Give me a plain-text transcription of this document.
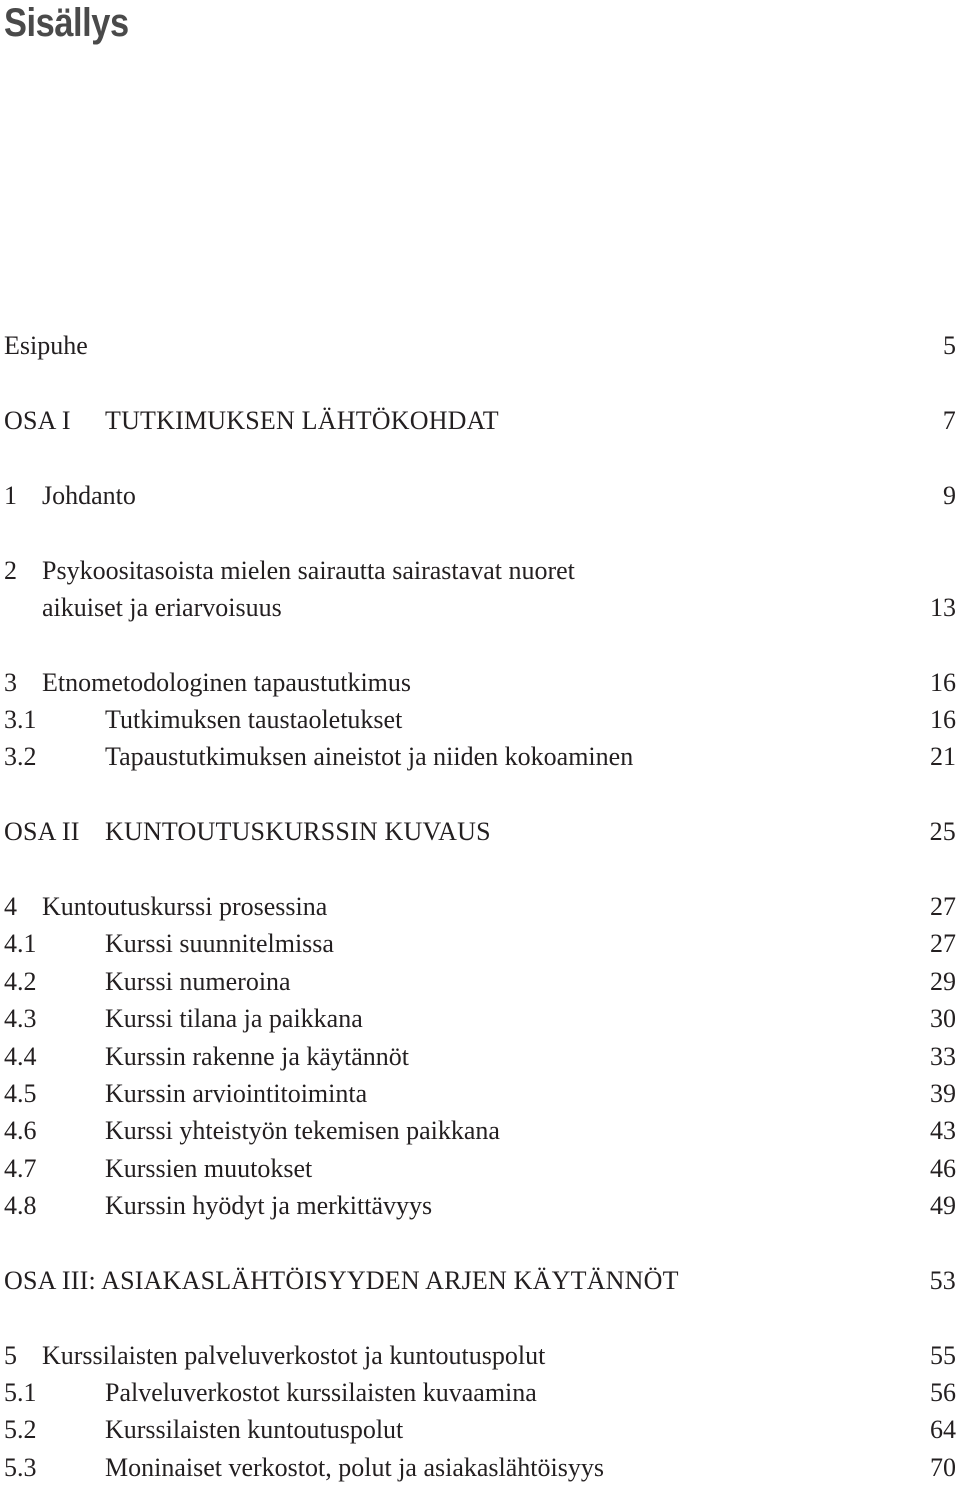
Sisällys
Esipuhe	5
OSA I TUTKIMUKSEN LÄHTÖKOHDAT	7
1 Johdanto	9
2 Psykoositasoista mielen sairautta sairastavat nuoret
aikuiset ja eriarvoisuus	13
3 Etnometodologinen tapaustutkimus	16
3.1	Tutkimuksen taustaoletukset	16
3.2	Tapaustutkimuksen aineistot ja niiden kokoaminen	21
OSA II KUNTOUTUSKURSSIN KUVAUS	25
4 Kuntoutuskurssi prosessina	27
4.1	Kurssi suunnitelmissa	27
4.2	Kurssi numeroina	29
4.3	Kurssi tilana ja paikkana	30
4.4	Kurssin rakenne ja käytännöt	33
4.5	Kurssin arviointitoiminta	39
4.6	Kurssi yhteistyön tekemisen paikkana	43
4.7	Kurssien muutokset	46
4.8	Kurssin hyödyt ja merkittävyys	49
OSA III: ASIAKASLÄHTÖISYYDEN ARJEN KÄYTÄNNÖT	53
5 Kurssilaisten palveluverkostot ja kuntoutuspolut	55
5.1	Palveluverkostot kurssilaisten kuvaamina	56
5.2	Kurssilaisten kuntoutuspolut	64
5.3	Moninaiset verkostot, polut ja asiakaslähtöisyys	70
